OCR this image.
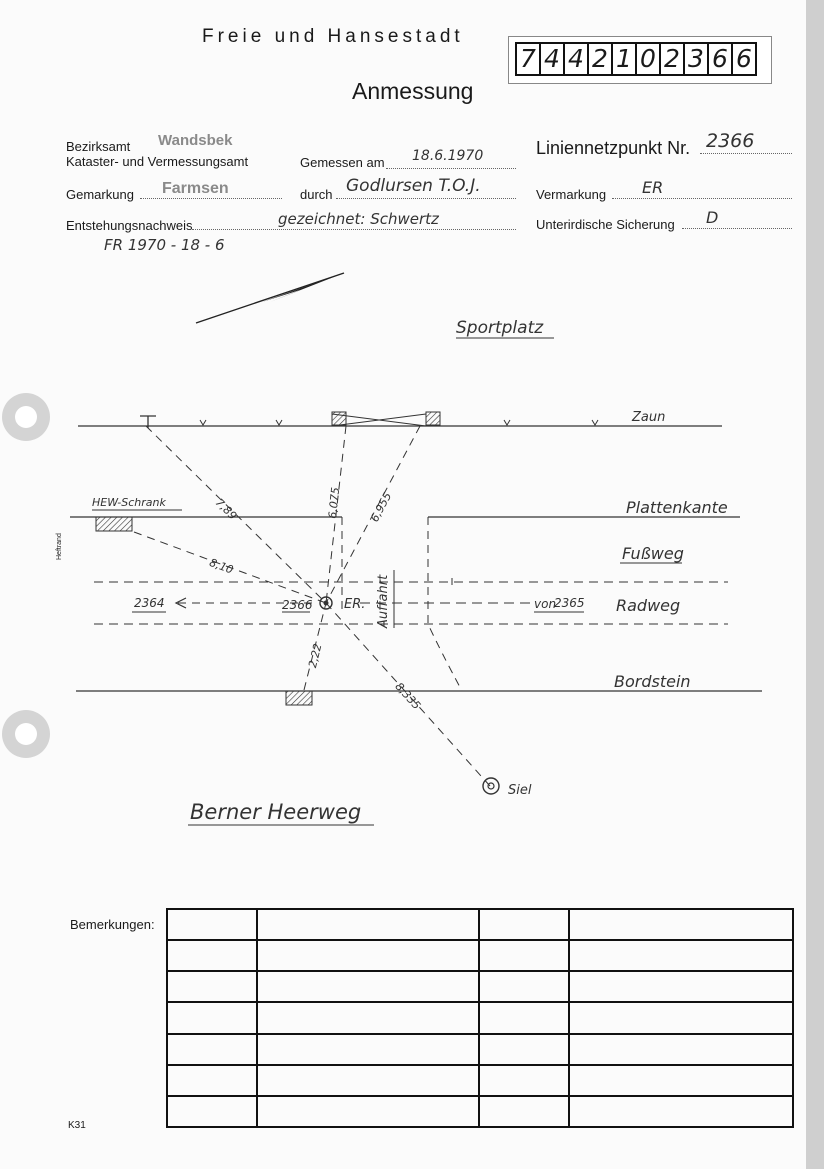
Freie und Hansestadt
7 4 4 2 1 0 2 3 6 6
Anmessung
Bezirksamt Wandsbek
Kataster- und Vermessungsamt	Gemessen am 18.6.1970	Liniennetzpunkt Nr. 2366
Gemarkung Farmsen	durch Godlursen T.O.J.	Vermarkung ER
Entstehungsnachweis	gezeichnet: Schwertz	Unterirdische Sicherung D
FR 1970 - 18 - 6
Sportplatz
Zaun
Plattenkante
Fußweg
Radweg
Bordstein
HEW-Schrank
Auffahrt
2364	2366 ER.	von
2365
Siel
Berner Heerweg
7,89
8,10
6,075 6,955
2,22
8,335
Heftrand
Bemerkungen:

K31
